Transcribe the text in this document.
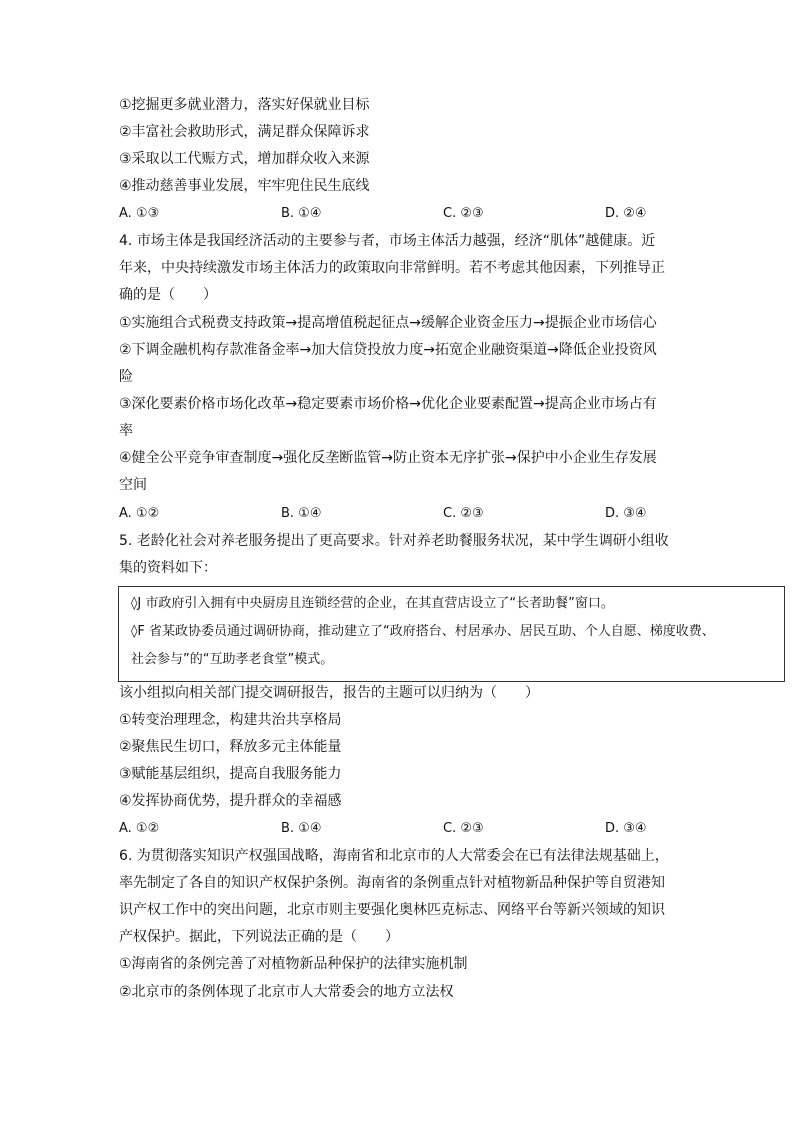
①挖掘更多就业潜力，落实好保就业目标
②丰富社会救助形式，满足群众保障诉求
③采取以工代赈方式，增加群众收入来源
④推动慈善事业发展，牢牢兜住民生底线
A. ①③	B. ①④	C. ②③	D. ②④
4. 市场主体是我国经济活动的主要参与者，市场主体活力越强，经济“肌体”越健康。近
年来，中央持续激发市场主体活力的政策取向非常鲜明。若不考虑其他因素，下列推导正
确的是（　　）
①实施组合式税费支持政策→提高增值税起征点→缓解企业资金压力→提振企业市场信心
②下调金融机构存款准备金率→加大信贷投放力度→拓宽企业融资渠道→降低企业投资风
险
③深化要素价格市场化改革→稳定要素市场价格→优化企业要素配置→提高企业市场占有
率
④健全公平竞争审查制度→强化反垄断监管→防止资本无序扩张→保护中小企业生存发展
空间
A. ①②	B. ①④	C. ②③	D. ③④
5. 老龄化社会对养老服务提出了更高要求。针对养老助餐服务状况，某中学生调研小组收
集的资料如下：
◊J 市政府引入拥有中央厨房且连锁经营的企业，在其直营店设立了“长者助餐”窗口。
◊F 省某政协委员通过调研协商，推动建立了“政府搭台、村居承办、居民互助、个人自愿、梯度收费、
社会参与”的“互助孝老食堂”模式。
该小组拟向相关部门提交调研报告，报告的主题可以归纳为（　　）
①转变治理理念，构建共治共享格局
②聚焦民生切口，释放多元主体能量
③赋能基层组织，提高自我服务能力
④发挥协商优势，提升群众的幸福感
A. ①②	B. ①④	C. ②③	D. ③④
6. 为贯彻落实知识产权强国战略，海南省和北京市的人大常委会在已有法律法规基础上，
率先制定了各自的知识产权保护条例。海南省的条例重点针对植物新品种保护等自贸港知
识产权工作中的突出问题，北京市则主要强化奥林匹克标志、网络平台等新兴领域的知识
产权保护。据此，下列说法正确的是（　　）
①海南省的条例完善了对植物新品种保护的法律实施机制
②北京市的条例体现了北京市人大常委会的地方立法权
